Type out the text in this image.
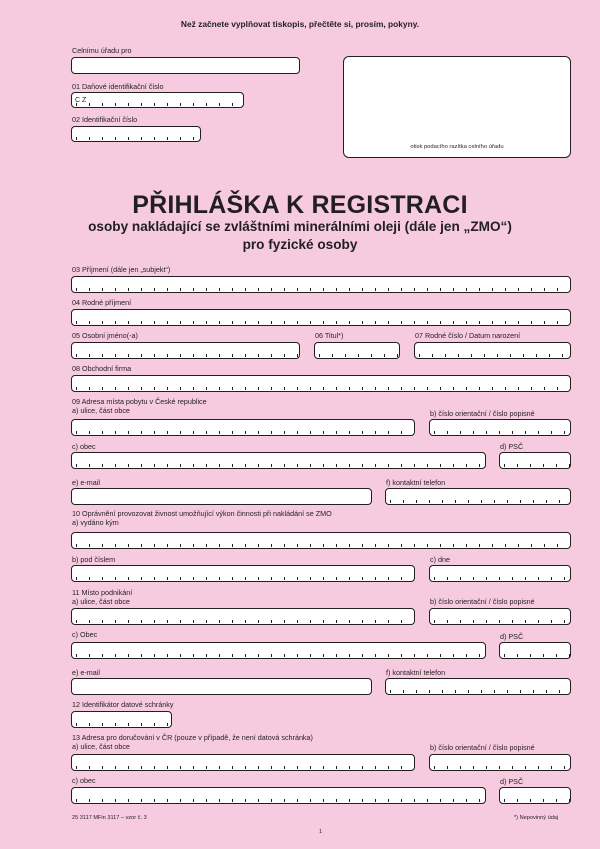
Než začnete vyplňovat tiskopis, přečtěte si, prosím, pokyny.
Celnímu úřadu pro
01 Daňové identifikační číslo
C Z
02 Identifikační číslo
otisk podacího razítka celního úřadu
PŘIHLÁŠKA K REGISTRACI
osoby nakládající se zvláštními minerálními oleji (dále jen „ZMO“)
pro fyzické osoby
03 Příjmení (dále jen „subjekt“)
04 Rodné příjmení
05 Osobní jméno(-a)	06 Titul*)	07 Rodné číslo / Datum narození
08 Obchodní firma
09 Adresa místa pobytu v České republice
a) ulice, část obce	b) číslo orientační / číslo popisné
c) obec	d) PSČ
e) e-mail	f) kontaktní telefon
10 Oprávnění provozovat živnost umožňující výkon činnosti při nakládání se ZMO
a) vydáno kým
b) pod číslem	c) dne
11 Místo podnikání
a) ulice, část obce	b) číslo orientační / číslo popisné
c) Obec	d) PSČ
e) e-mail	f) kontaktní telefon
12 Identifikátor datové schránky
13 Adresa pro doručování v ČR (pouze v případě, že není datová schránka)
a) ulice, část obce	b) číslo orientační / číslo popisné
c) obec	d) PSČ
25 3117 MFin 3117 – vzor č. 3	*) Nepovinný údaj
1
